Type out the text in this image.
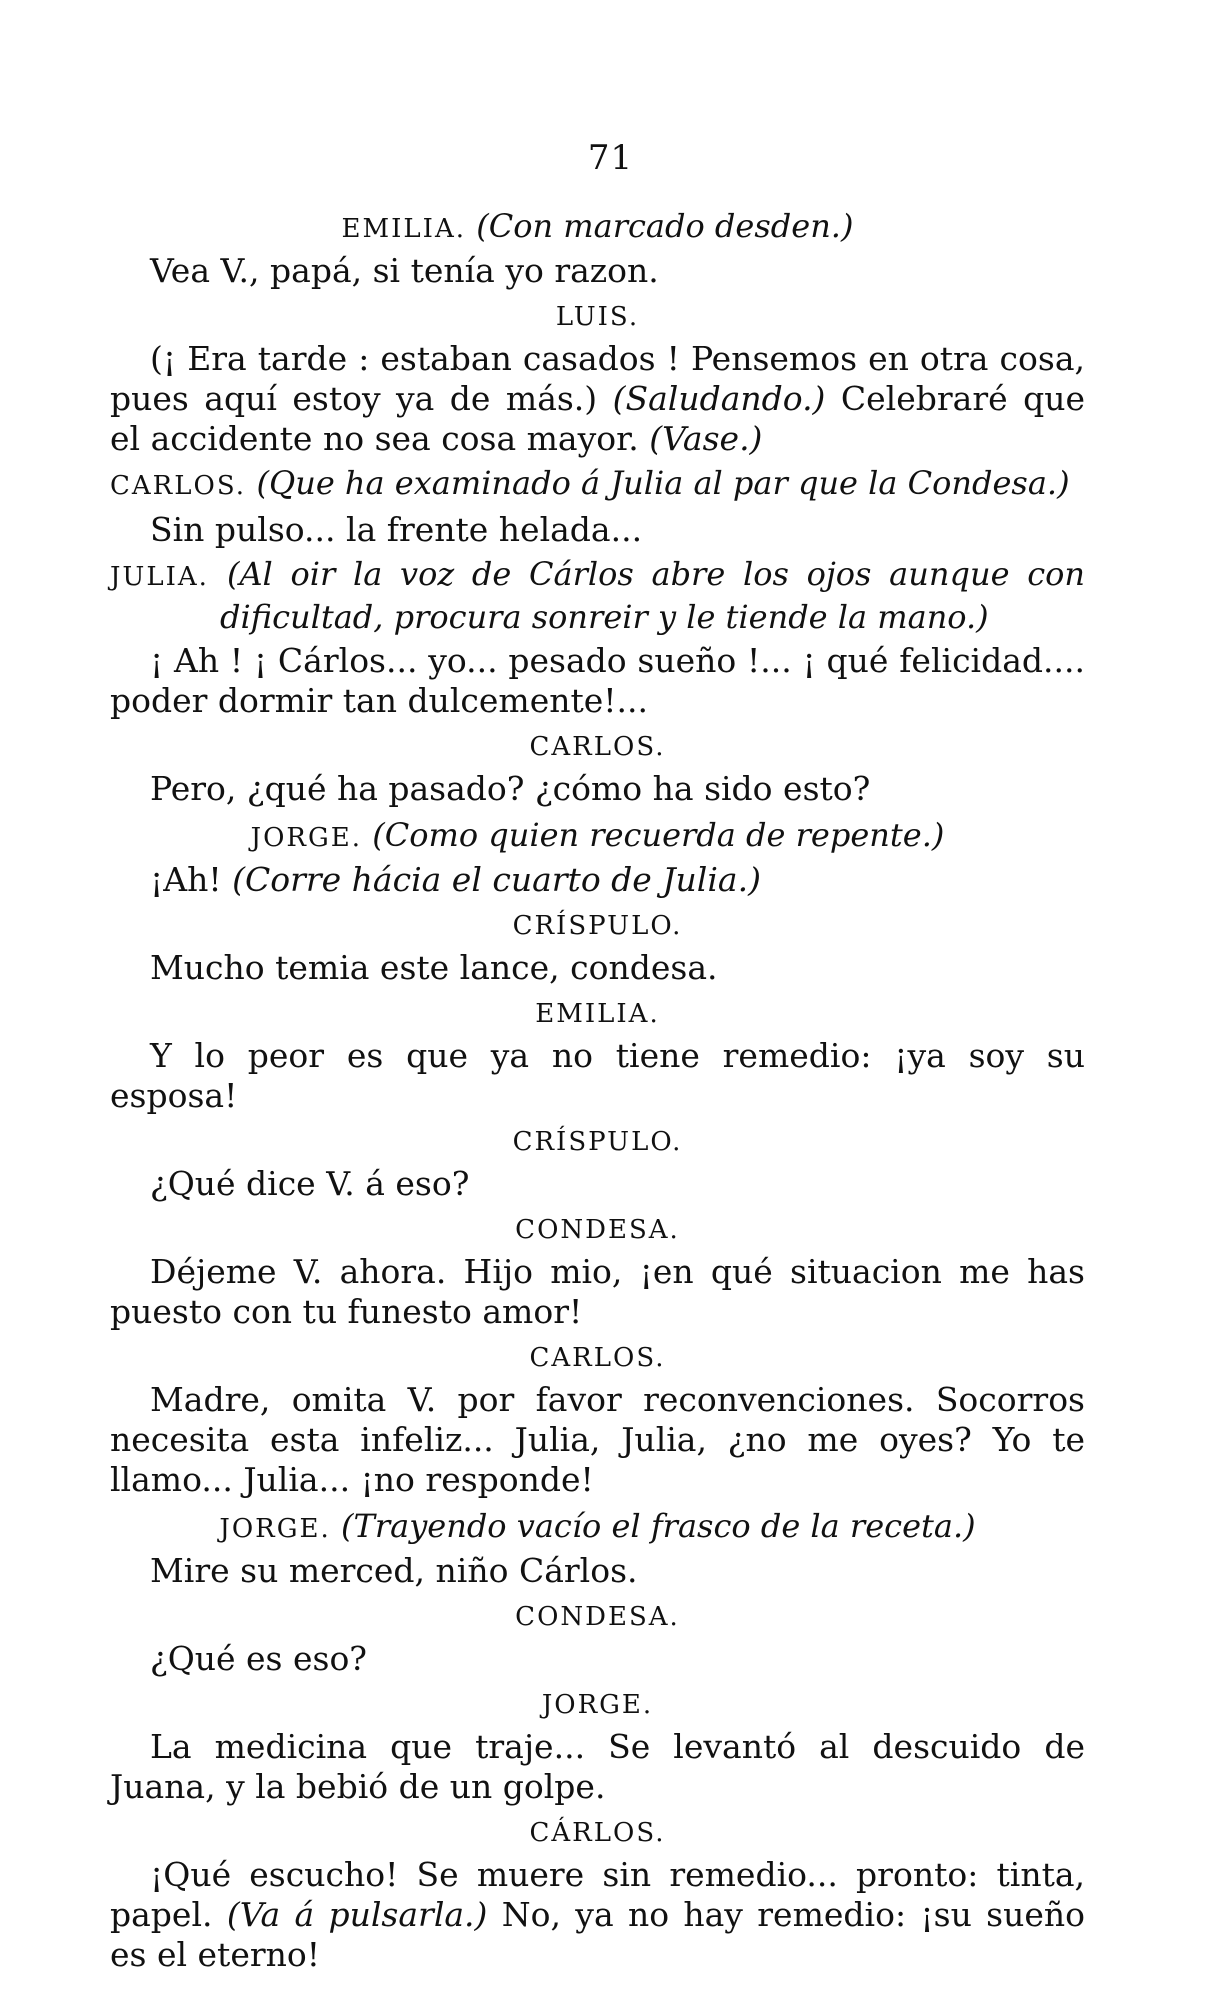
71
EMILIA. (Con marcado desden.)

Vea V., papá, si tenía yo razon.

LUIS.

(¡ Era tarde : estaban casados ! Pensemos en otra cosa, pues aquí estoy ya de más.) (Saludando.) Celebraré que el accidente no sea cosa mayor. (Vase.)

CARLOS. (Que ha examinado á Julia al par que la Condesa.)

Sin pulso... la frente helada...

JULIA. (Al oir la voz de Cárlos abre los ojos aunque con dificultad, procura sonreir y le tiende la mano.)

¡ Ah ! ¡ Cárlos... yo... pesado sueño !... ¡ qué felicidad.... poder dormir tan dulcemente!...

CARLOS.

Pero, ¿qué ha pasado? ¿cómo ha sido esto?

JORGE. (Como quien recuerda de repente.)

¡Ah! (Corre hácia el cuarto de Julia.)

CRÍSPULO.

Mucho temia este lance, condesa.

EMILIA.

Y lo peor es que ya no tiene remedio: ¡ya soy su esposa!

CRÍSPULO.

¿Qué dice V. á eso?

CONDESA.

Déjeme V. ahora. Hijo mio, ¡en qué situacion me has puesto con tu funesto amor!

CARLOS.

Madre, omita V. por favor reconvenciones. Socorros necesita esta infeliz... Julia, Julia, ¿no me oyes? Yo te llamo... Julia... ¡no responde!

JORGE. (Trayendo vacío el frasco de la receta.)

Mire su merced, niño Cárlos.

CONDESA.

¿Qué es eso?

JORGE.

La medicina que traje... Se levantó al descuido de Juana, y la bebió de un golpe.

CÁRLOS.

¡Qué escucho! Se muere sin remedio... pronto: tinta, papel. (Va á pulsarla.) No, ya no hay remedio: ¡su sueño es el eterno!
